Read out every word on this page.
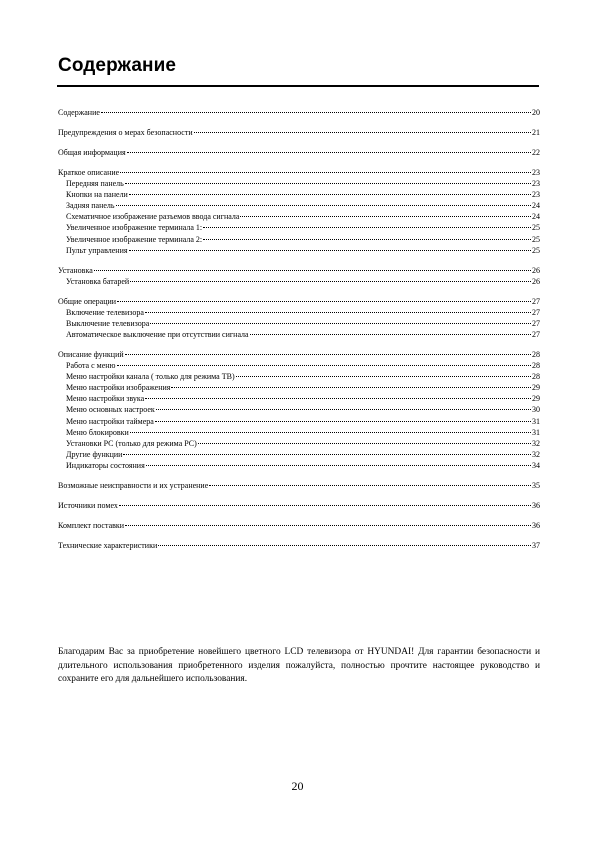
Содержание
Содержание	20
Предупреждения о мерах безопасности	21
Общая информация	22
Краткое описание	23
Передняя панель	23
Кнопки на панели	23
Задняя панель	24
Схематичное изображение разъемов ввода сигнала	24
Увеличенное изображение терминала 1:	25
Увеличенное изображение терминала 2:	25
Пульт управления	25
Установка	26
Установка батарей	26
Общие операции	27
Включение телевизора	27
Выключение телевизора	27
Автоматическое выключение при отсутствии сигнала	27
Описание функций	28
Работа с меню	28
Меню настройки канала ( только для режима ТВ)	28
Меню настройки изображения	29
Меню настройки звука	29
Меню основных настроек	30
Меню настройки таймера	31
Меню блокировки	31
Установки РС (только для режима РС)	32
Другие функции	32
Индикаторы состояния	34
Возможные неисправности и их устранение	35
Источники помех	36
Комплект поставки	36
Технические характеристики	37
Благодарим Вас за приобретение новейшего цветного LCD телевизора от HYUNDAI! Для гарантии безопасности и длительного использования приобретенного изделия пожалуйста, полностью прочтите настоящее руководство и сохраните его для дальнейшего использования.
20
